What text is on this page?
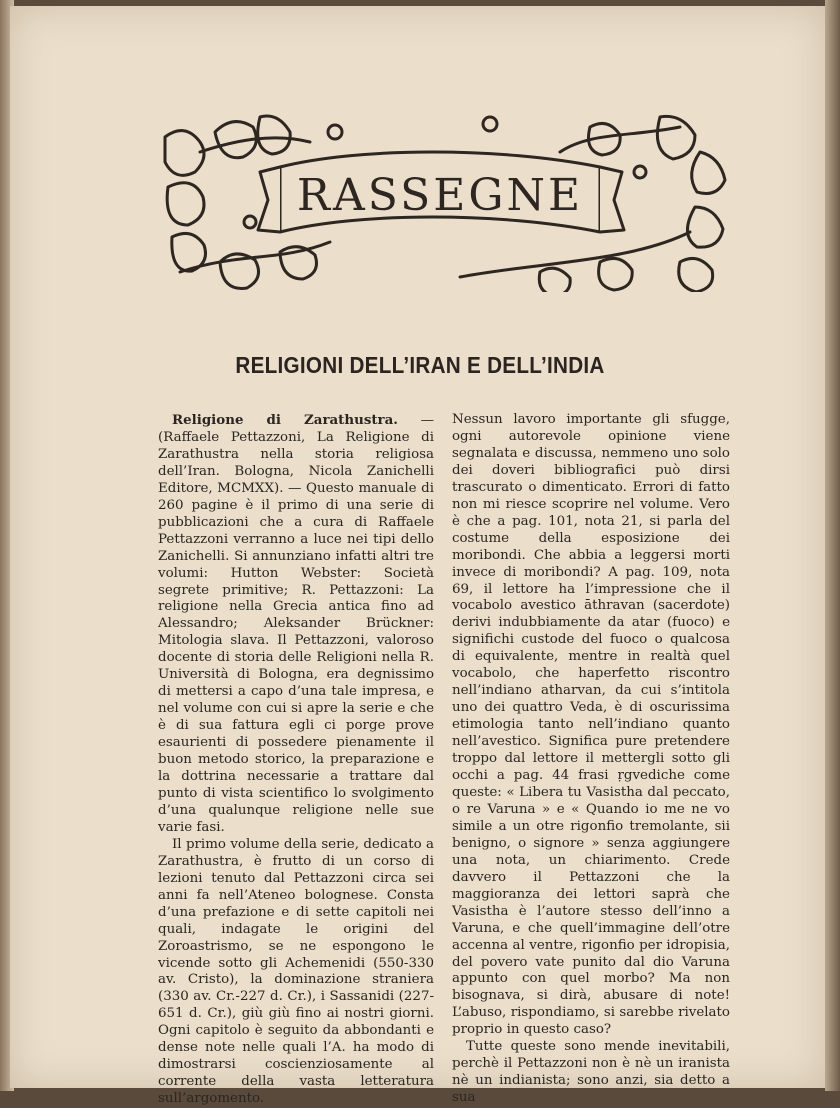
RASSEGNE
RELIGIONI DELL’IRAN E DELL’INDIA

Religione di Zarathustra. — (Raffaele Pettazzoni, La Religione di Zarathustra nella storia religiosa dell’Iran. Bologna, Nicola Zanichelli Editore, MCMXX). — Questo manuale di 260 pagine è il primo di una serie di pubblicazioni che a cura di Raffaele Pettazzoni verranno a luce nei tipi dello Zanichelli. Si annunziano infatti altri tre volumi: Hutton Webster: Società segrete primitive; R. Pettazzoni: La religione nella Grecia antica fino ad Alessandro; Aleksander Brückner: Mitologia slava. Il Pettazzoni, valoroso docente di storia delle Religioni nella R. Università di Bologna, era degnissimo di mettersi a capo d’una tale impresa, e nel volume con cui si apre la serie e che è di sua fattura egli ci porge prove esaurienti di possedere pienamente il buon metodo storico, la preparazione e la dottrina necessarie a trattare dal punto di vista scientifico lo svolgimento d’una qualunque religione nelle sue varie fasi.

Il primo volume della serie, dedicato a Zarathustra, è frutto di un corso di lezioni tenuto dal Pettazzoni circa sei anni fa nell’Ateneo bolognese. Consta d’una prefazione e di sette capitoli nei quali, indagate le origini del Zoroastrismo, se ne espongono le vicende sotto gli Achemenidi (550-330 av. Cristo), la dominazione straniera (330 av. Cr.-227 d. Cr.), i Sassanidi (227-651 d. Cr.), giù giù fino ai nostri giorni. Ogni capitolo è seguito da abbondanti e dense note nelle quali l’A. ha modo di dimostrarsi coscienziosamente al corrente della vasta letteratura sull’argomento.

Nessun lavoro importante gli sfugge, ogni autorevole opinione viene segnalata e discussa, nemmeno uno solo dei doveri bibliografici può dirsi trascurato o dimenticato. Errori di fatto non mi riesce scoprire nel volume. Vero è che a pag. 101, nota 21, si parla del costume della esposizione dei moribondi. Che abbia a leggersi morti invece di moribondi? A pag. 109, nota 69, il lettore ha l’impressione che il vocabolo avestico āthravan (sacerdote) derivi indubbiamente da atar (fuoco) e significhi custode del fuoco o qualcosa di equivalente, mentre in realtà quel vocabolo, che haperfetto riscontro nell’indiano atharvan, da cui s’intitola uno dei quattro Veda, è di oscurissima etimologia tanto nell’indiano quanto nell’avestico. Significa pure pretendere troppo dal lettore il mettergli sotto gli occhi a pag. 44 frasi ṛgvediche come queste: « Libera tu Vasistha dal peccato, o re Varuna » e « Quando io me ne vo simile a un otre rigonfio tremolante, sii benigno, o signore » senza aggiungere una nota, un chiarimento. Crede davvero il Pettazzoni che la maggioranza dei lettori saprà che Vasistha è l’autore stesso dell’inno a Varuna, e che quell’immagine dell’otre accenna al ventre, rigonfio per idropisia, del povero vate punito dal dio Varuna appunto con quel morbo? Ma non bisognava, si dirà, abusare di note! L’abuso, rispondiamo, si sarebbe rivelato proprio in questo caso?

Tutte queste sono mende inevitabili, perchè il Pettazzoni non è nè un iranista nè un indianista; sono anzi, sia detto a sua
